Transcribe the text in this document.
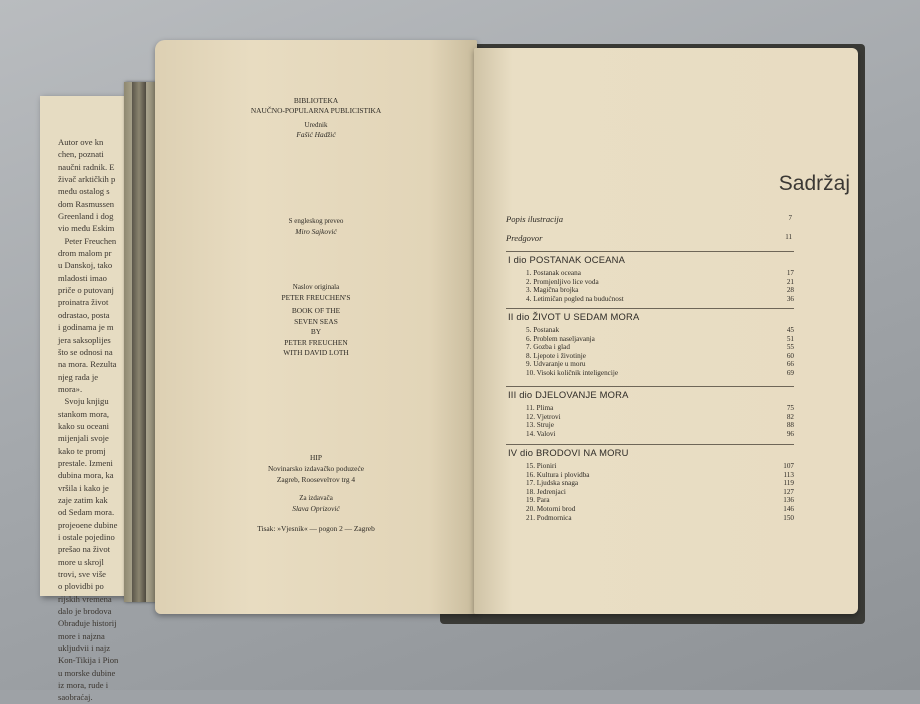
Autor ove kn
chen, poznati
naučni radnik. E
živač arktičkih p
među ostalog s
dom Rasmussen
Greenland i dog
vio među Eskim
Peter Freuchen
drom malom pr
u Danskoj, tako
mladosti imao
priče o putovanj
proinatra život
odrastao, posta
i godinama je m
jera saksoplijes
što se odnosi na
na mora. Rezulta
njeg rada je
mora».
Svoju knjigu
stankom mora,
kako su oceani
mijenjali svoje
kako te promj
prestale. Izmeni
dubina mora, ka
vršila i kako je
zaje zatim kak
od Sedam mora.
projeoene dubine
i ostale pojedino
prešao na život
more u skrojl
trovi, sve više
o plovidbi po
rijskih vremena
dalo je brodova
Obrađuje historij
more i najzna
ukljudvii i najz
Kon-Tikija i Pion
u morske dubine
iz mora, rude i
saobraćaj.
BIBLIOTEKA
NAUČNO-POPULARNA PUBLICISTIKA
Urednik
Fašić Hadžić
S engleskog preveo
Miro Sajković
Naslov originala
PETER FREUCHEN'S
BOOK OF THE
SEVEN SEAS
BY
PETER FREUCHEN
WITH DAVID LOTH
HIP
Novinarsko izdavačko poduzeće
Zagreb, Roosevelтov trg 4
Za izdavača
Slava Oprizović
Tisak: »Vjesnik« — pogon 2 — Zagreb
Sadržaj
Popis ilustracija	7
Predgovor	11
I dio POSTANAK OCEANA
1. Postanak oceana	17
2. Promjenljivo lice voda	21
3. Magična brojka	28
4. Letimičan pogled na budućnost	36
II dio ŽIVOT U SEDAM MORA
5. Postanak	45
6. Problem naseljavanja	51
7. Gozba i glad	55
8. Ljepote i životinje	60
9. Udvaranje u moru	66
10. Visoki količnik inteligencije	69
III dio DJELOVANJE MORA
11. Plima	75
12. Vjetrovi	82
13. Struje	88
14. Valovi	96
IV dio BRODOVI NA MORU
15. Pioniri	107
16. Kultura i plovidba	113
17. Ljudska snaga	119
18. Jedrenjaci	127
19. Para	136
20. Motorni brod	146
21. Podmornica	150
